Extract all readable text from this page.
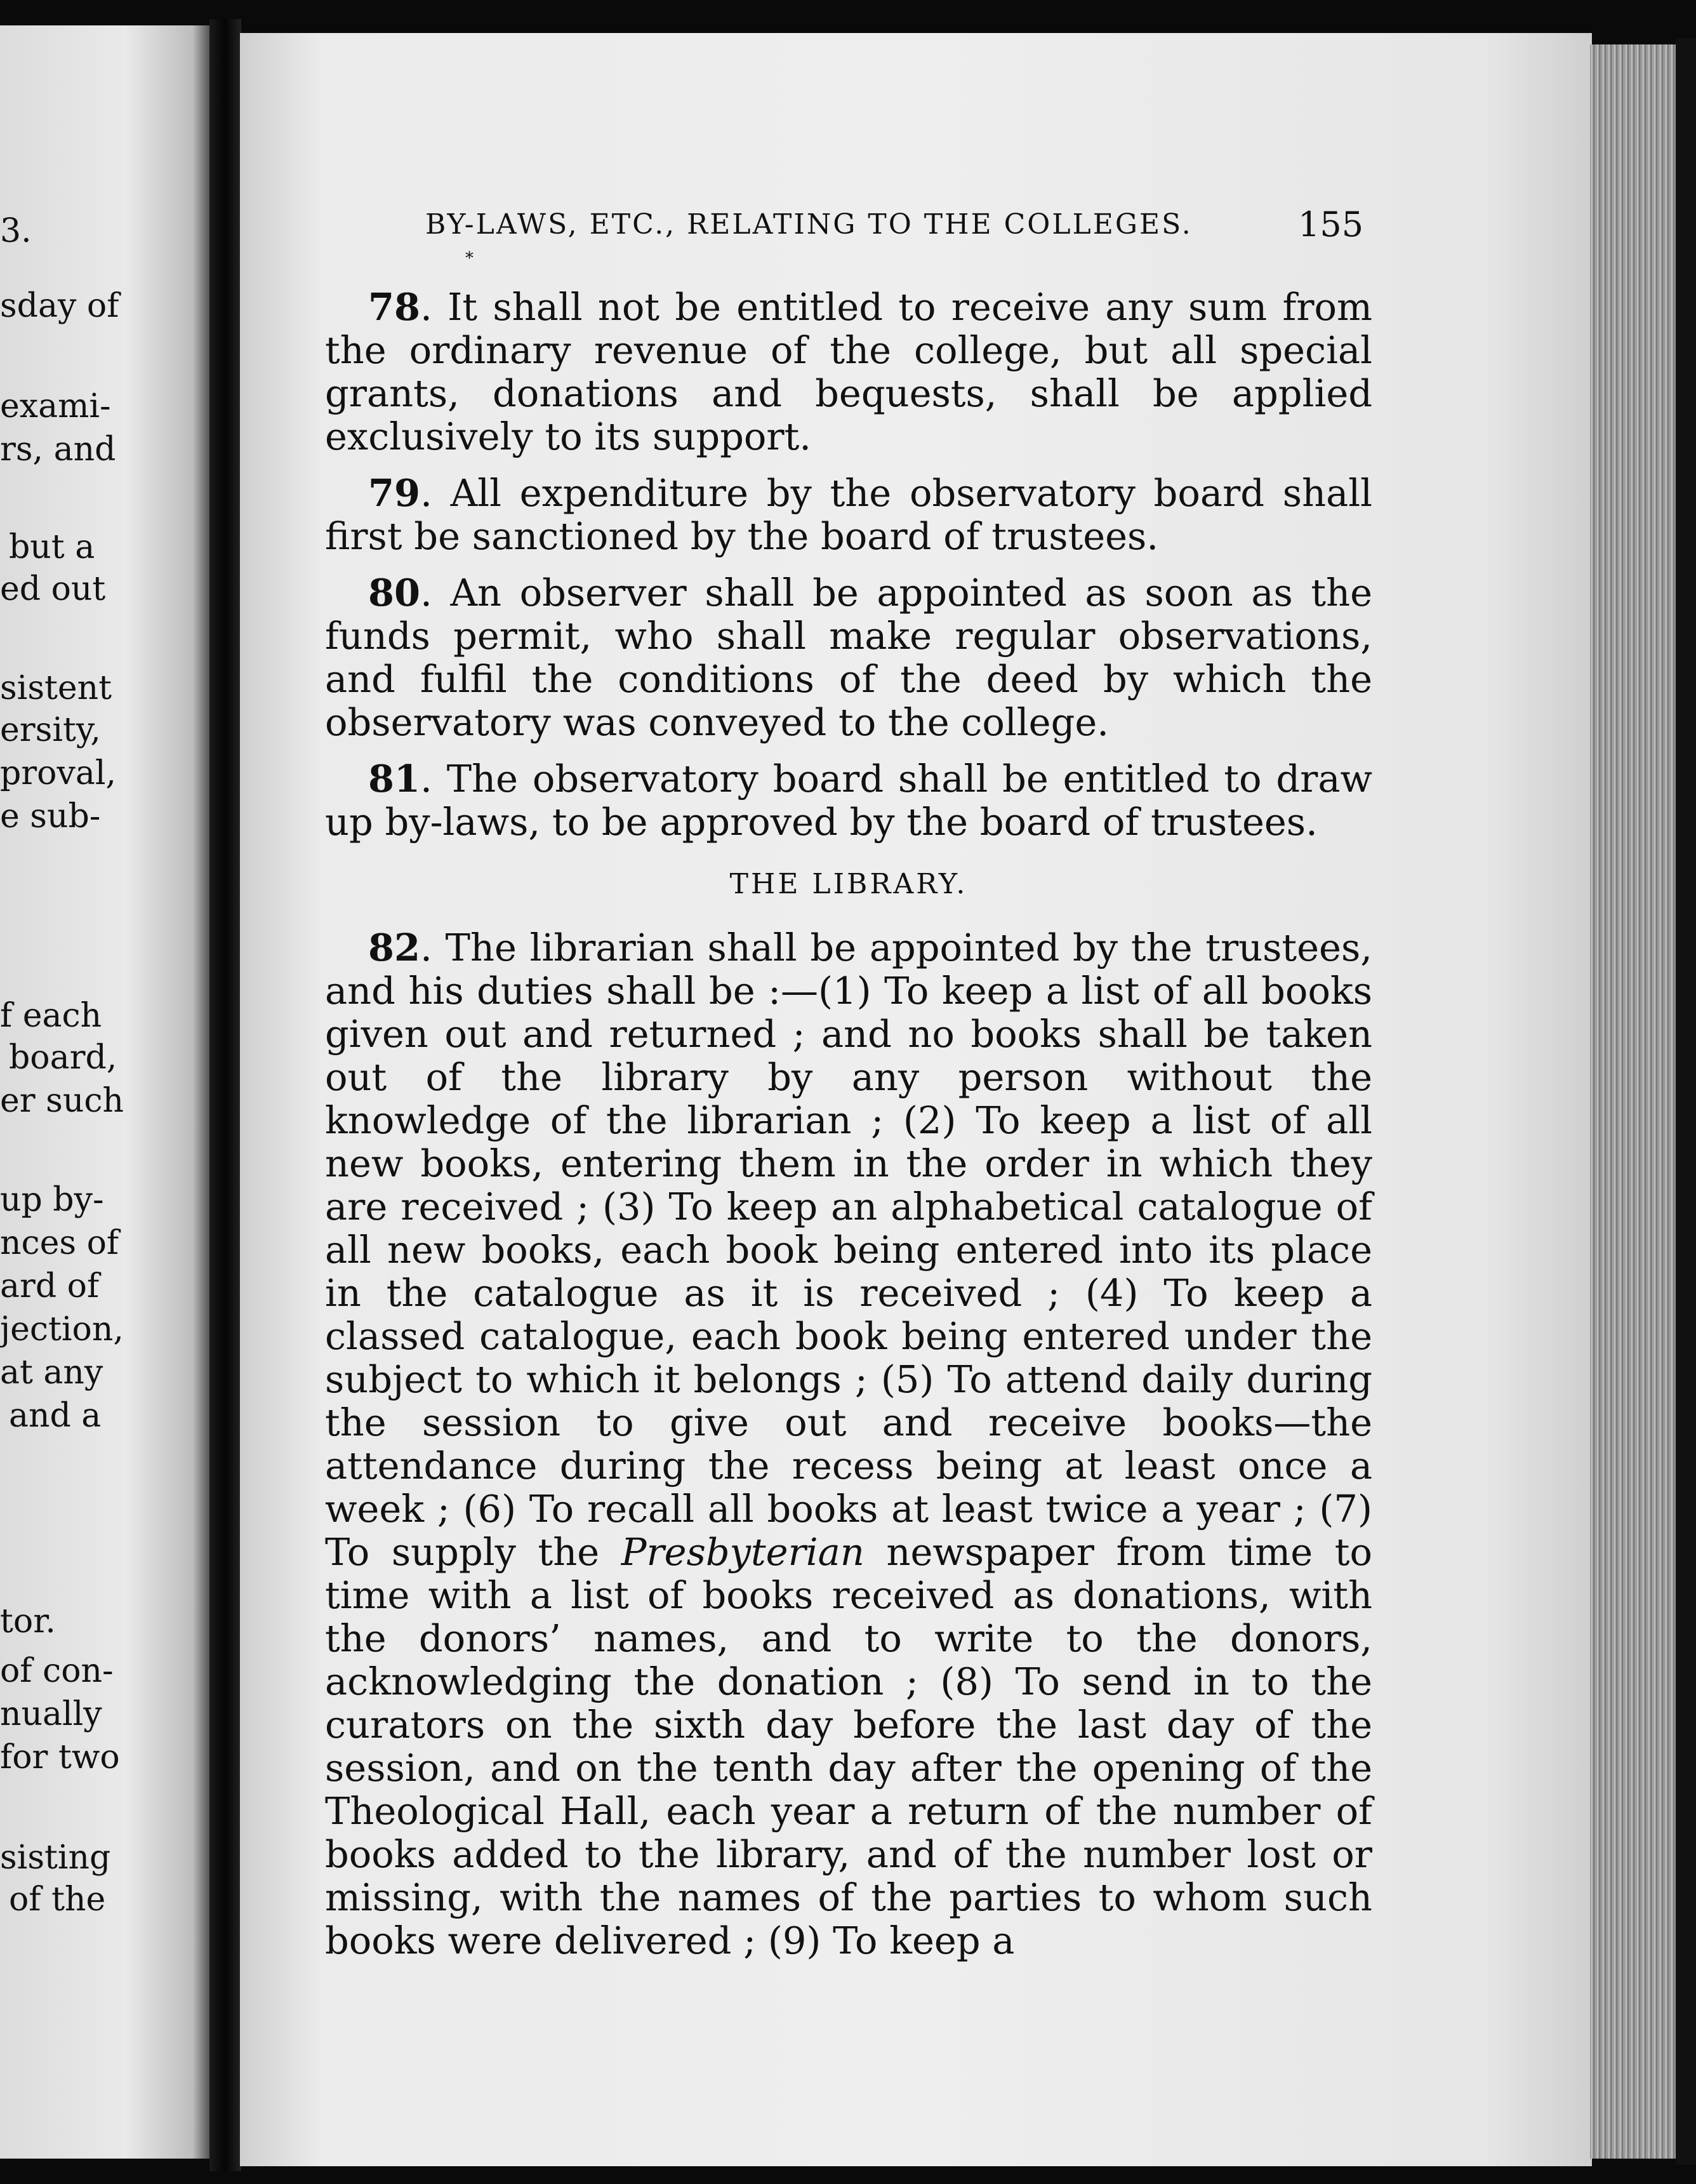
3.
sday of
exami-
rs, and
but a
ed out
sistent
ersity,
proval,
e sub-
f each
board,
er such
up by-
nces of
ard of
jection,
at any
and a
tor.
of con-
nually
for two
sisting
of the
BY-LAWS, ETC., RELATING TO THE COLLEGES.	155
*

78. It shall not be entitled to receive any sum from the ordinary revenue of the college, but all special grants, donations and bequests, shall be applied exclusively to its support.

79. All expenditure by the observatory board shall first be sanctioned by the board of trustees.

80. An observer shall be appointed as soon as the funds permit, who shall make regular observations, and fulfil the conditions of the deed by which the observatory was conveyed to the college.

81. The observatory board shall be entitled to draw up by-laws, to be approved by the board of trustees.

THE LIBRARY.

82. The librarian shall be appointed by the trustees, and his duties shall be :—(1) To keep a list of all books given out and returned ; and no books shall be taken out of the library by any person without the knowledge of the librarian ; (2) To keep a list of all new books, entering them in the order in which they are received ; (3) To keep an alphabetical catalogue of all new books, each book being entered into its place in the catalogue as it is received ; (4) To keep a classed catalogue, each book being entered under the subject to which it belongs ; (5) To attend daily during the session to give out and receive books—the attendance during the recess being at least once a week ; (6) To recall all books at least twice a year ; (7) To supply the Presbyterian newspaper from time to time with a list of books received as donations, with the donors’ names, and to write to the donors, acknowledging the donation ; (8) To send in to the curators on the sixth day before the last day of the session, and on the tenth day after the opening of the Theological Hall, each year a return of the number of books added to the library, and of the number lost or missing, with the names of the parties to whom such books were delivered ; (9) To keep a
